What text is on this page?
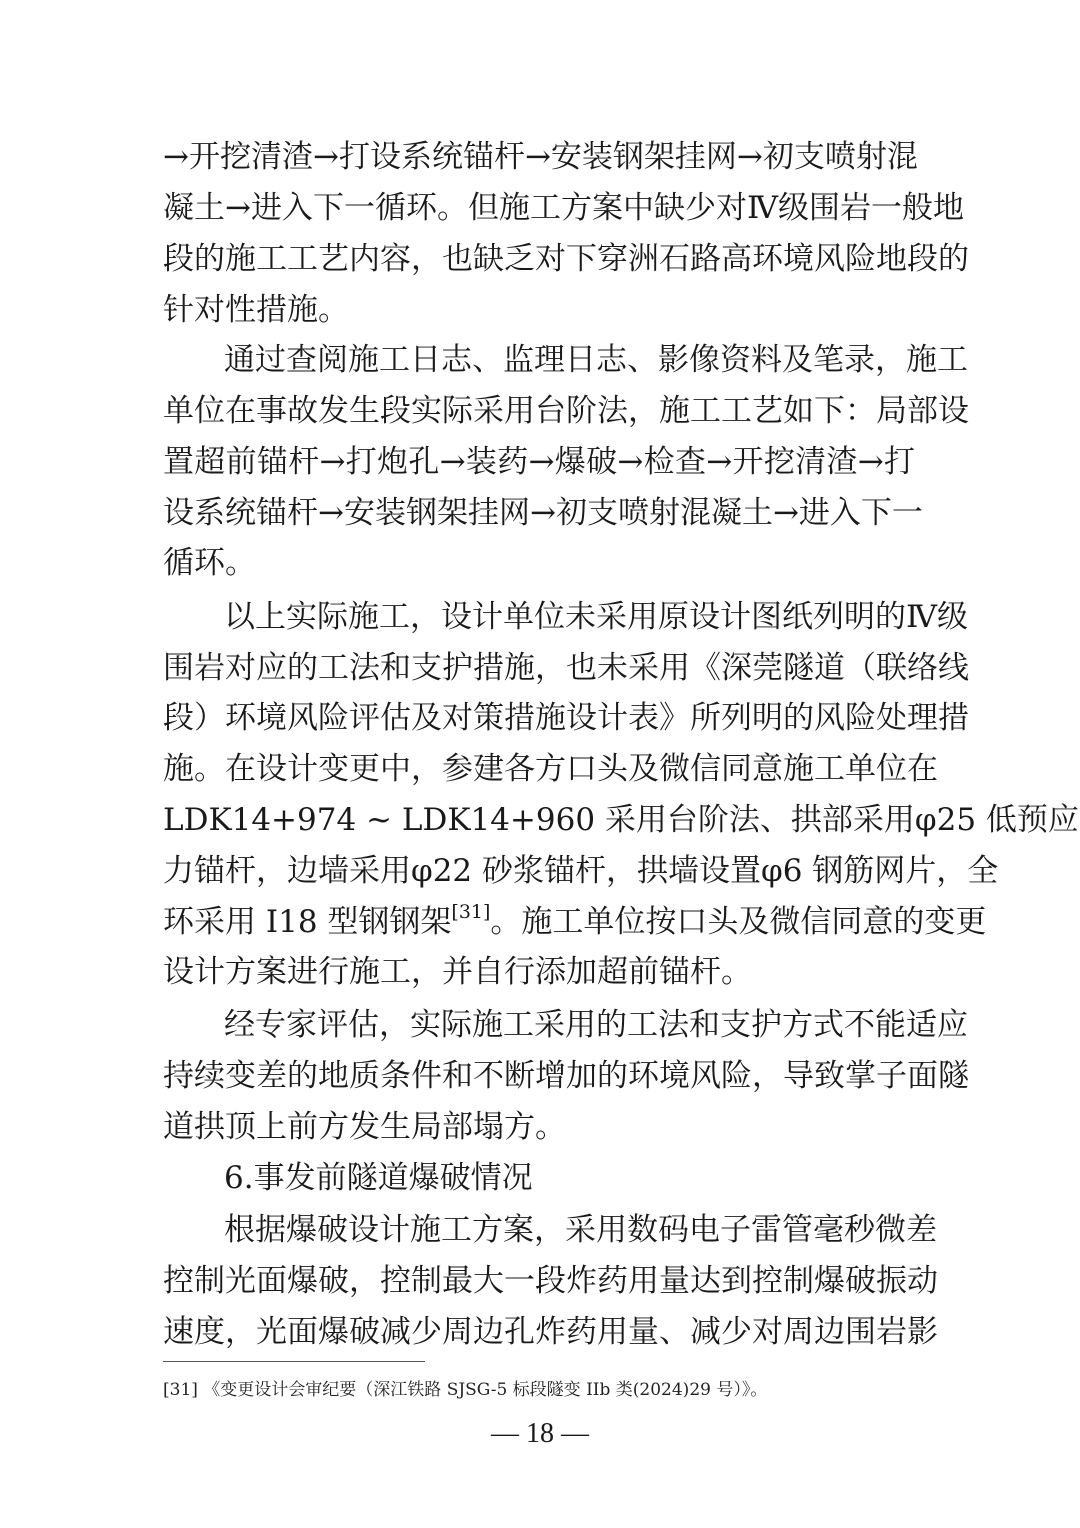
→开挖清渣→打设系统锚杆→安装钢架挂网→初支喷射混
凝土→进入下一循环。但施工方案中缺少对Ⅳ级围岩一般地
段的施工工艺内容，也缺乏对下穿洲石路高环境风险地段的
针对性措施。
通过查阅施工日志、监理日志、影像资料及笔录，施工
单位在事故发生段实际采用台阶法，施工工艺如下：局部设
置超前锚杆→打炮孔→装药→爆破→检查→开挖清渣→打
设系统锚杆→安装钢架挂网→初支喷射混凝土→进入下一
循环。
以上实际施工，设计单位未采用原设计图纸列明的Ⅳ级
围岩对应的工法和支护措施，也未采用《深莞隧道（联络线
段）环境风险评估及对策措施设计表》所列明的风险处理措
施。在设计变更中，参建各方口头及微信同意施工单位在
LDK14+974 ~ LDK14+960 采用台阶法、拱部采用φ25 低预应
力锚杆，边墙采用φ22 砂浆锚杆，拱墙设置φ6 钢筋网片，全
环采用 I18 型钢钢架[31]。施工单位按口头及微信同意的变更
设计方案进行施工，并自行添加超前锚杆。
经专家评估，实际施工采用的工法和支护方式不能适应
持续变差的地质条件和不断增加的环境风险，导致掌子面隧
道拱顶上前方发生局部塌方。
6.事发前隧道爆破情况
根据爆破设计施工方案，采用数码电子雷管毫秒微差
控制光面爆破，控制最大一段炸药用量达到控制爆破振动
速度，光面爆破减少周边孔炸药用量、减少对周边围岩影
[31] 《变更设计会审纪要（深江铁路 SJSG-5 标段隧变 IIb 类(2024)29 号）》。
— 18 —
